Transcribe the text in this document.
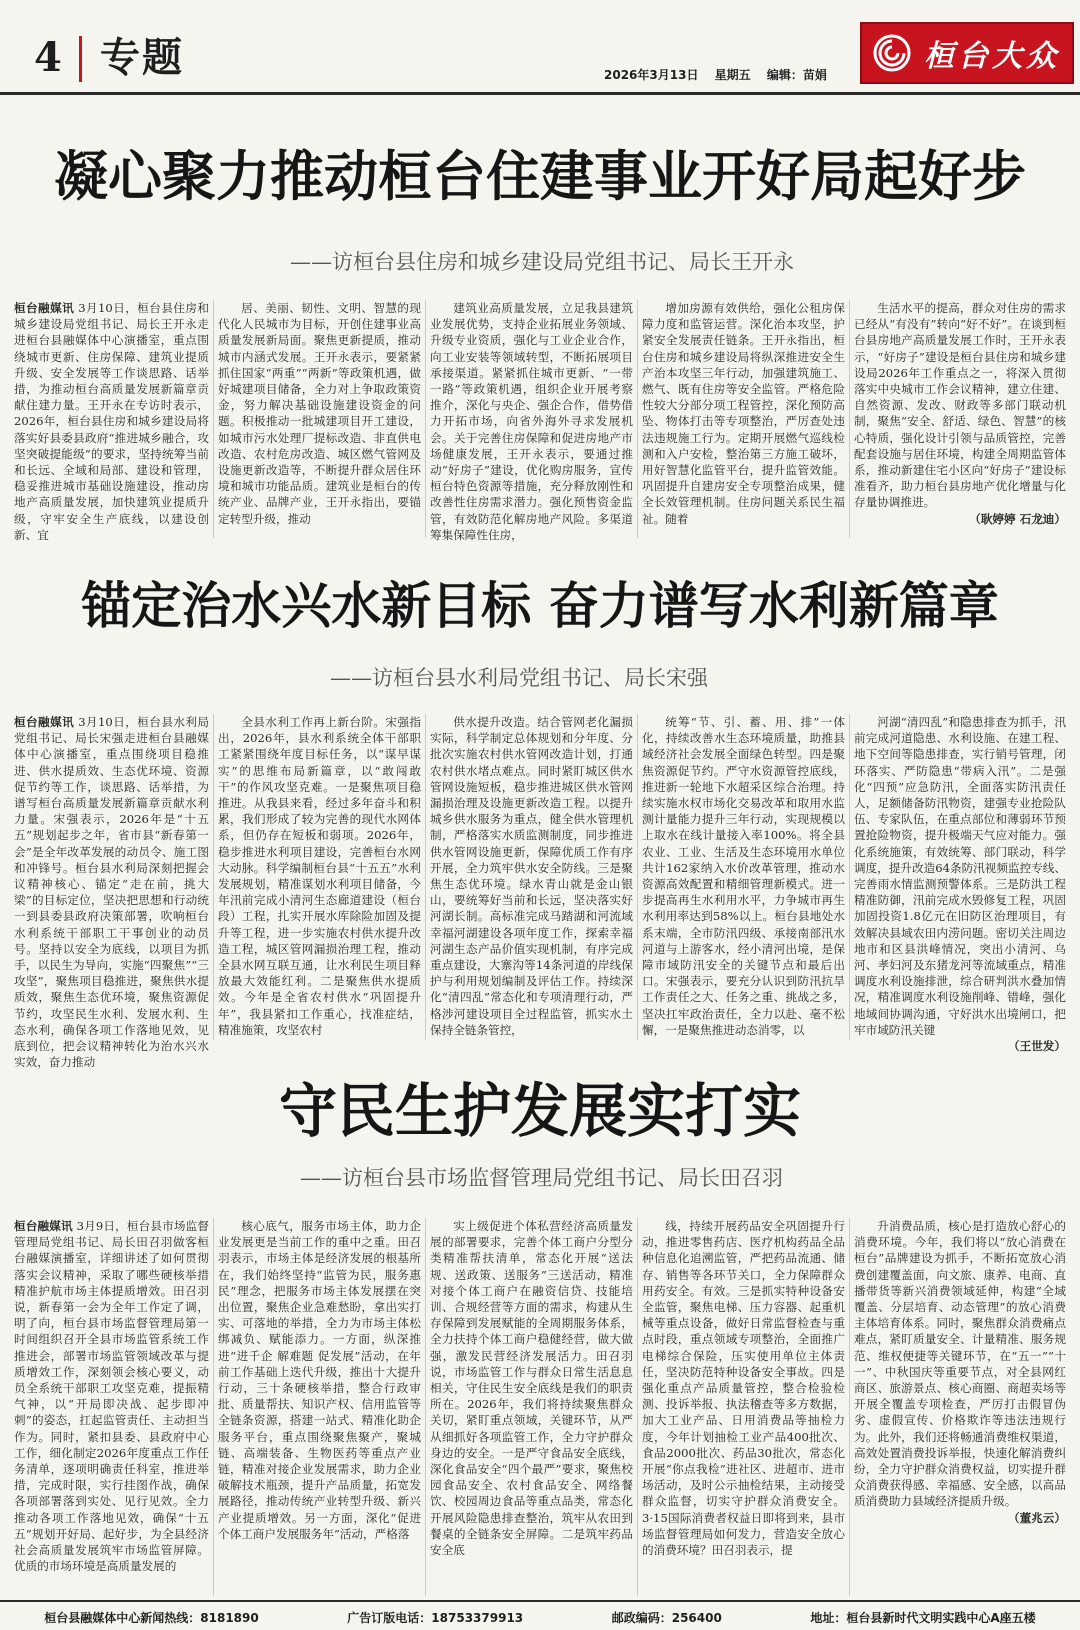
4 专题	2026年3月13日 星期五 编辑：苗娟
桓台大众
凝心聚力推动桓台住建事业开好局起好步
——访桓台县住房和城乡建设局党组书记、局长王开永

桓台融媒讯 3月10日，桓台县住房和城乡建设局党组书记、局长王开永走进桓台县融媒体中心演播室，重点围绕城市更新、住房保障、建筑业提质升级、安全发展等工作谈思路、话举措，为推动桓台高质量发展新篇章贡献住建力量。王开永在专访时表示，2026年，桓台县住房和城乡建设局将落实好县委县政府“推进城乡融合，攻坚突破提能级”的要求，坚持统筹当前和长远、全域和局部、建设和管理，稳妥推进城市基础设施建设，推动房地产高质量发展，加快建筑业提质升级，守牢安全生产底线，以建设创新、宜

居、美丽、韧性、文明、智慧的现代化人民城市为目标，开创住建事业高质量发展新局面。聚焦更新提质，推动城市内涵式发展。王开永表示，要紧紧抓住国家“两重”“两新”等政策机遇，做好城建项目储备，全力对上争取政策资金，努力解决基础设施建设资金的问题。积极推动一批城建项目开工建设，如城市污水处理厂提标改造、非直供电改造、农村危房改造、城区燃气管网及设施更新改造等，不断提升群众居住环境和城市功能品质。建筑业是桓台的传统产业、品牌产业，王开永指出，要锚定转型升级，推动

建筑业高质量发展，立足我县建筑业发展优势，支持企业拓展业务领域、升级专业资质，强化与工业企业合作，向工业安装等领域转型，不断拓展项目承接渠道。紧紧抓住城市更新、“一带一路”等政策机遇，组织企业开展考察推介，深化与央企、强企合作，借势借力开拓市场，向省外海外寻求发展机会。关于完善住房保障和促进房地产市场健康发展，王开永表示，要通过推动“好房子”建设，优化购房服务，宣传桓台特色资源等措施，充分释放刚性和改善性住房需求潜力。强化预售资金监管，有效防范化解房地产风险。多渠道筹集保障性住房，

增加房源有效供给，强化公租房保障力度和监管运营。深化治本攻坚，护紧安全发展责任链条。王开永指出，桓台住房和城乡建设局将纵深推进安全生产治本攻坚三年行动，加强建筑施工、燃气、既有住房等安全监管。严格危险性较大分部分项工程管控，深化预防高坠、物体打击等专项整治，严厉查处违法违规施工行为。定期开展燃气巡线检测和入户安检，整治第三方施工破坏，用好智慧化监管平台，提升监管效能。巩固提升自建房安全专项整治成果，健全长效管理机制。住房问题关系民生福祉。随着

生活水平的提高，群众对住房的需求已经从“有没有”转向“好不好”。在谈到桓台县房地产高质量发展工作时，王开永表示，“好房子”建设是桓台县住房和城乡建设局2026年工作重点之一，将深入贯彻落实中央城市工作会议精神，建立住建、自然资源、发改、财政等多部门联动机制，聚焦“安全、舒适、绿色、智慧”的核心特质，强化设计引领与品质管控，完善配套设施与居住环境，构建全周期监管体系，推动新建住宅小区向“好房子”建设标准看齐，助力桓台县房地产优化增量与化存量协调推进。

（耿婷婷 石龙迪）
锚定治水兴水新目标 奋力谱写水利新篇章
——访桓台县水利局党组书记、局长宋强

桓台融媒讯 3月10日，桓台县水利局党组书记、局长宋强走进桓台县融媒体中心演播室，重点围绕项目稳推进、供水提质效、生态优环境、资源促节约等工作，谈思路、话举措，为谱写桓台高质量发展新篇章贡献水利力量。宋强表示，2026年是“十五五”规划起步之年，省市县“新春第一会”是全年改革发展的动员令、施工图和冲锋号。桓台县水利局深刻把握会议精神核心、锚定“走在前，挑大梁”的目标定位，坚决把思想和行动统一到县委县政府决策部署，吹响桓台水利系统干部职工干事创业的动员号。坚持以安全为底线，以项目为抓手，以民生为导向，实施“四聚焦”“三攻坚”，聚焦项目稳推进，聚焦供水提质效，聚焦生态优环境，聚焦资源促节约，攻坚民生水利、发展水利、生态水利，确保各项工作落地见效，见底到位，把会议精神转化为治水兴水实效，奋力推动

全县水利工作再上新台阶。宋强指出，2026年，县水利系统全体干部职工紧紧围绕年度目标任务，以“谋早谋实”的思维布局新篇章，以“敢闯敢干”的作风攻坚克难。一是聚焦项目稳推进。从我县来看，经过多年奋斗和积累，我们形成了较为完善的现代水网体系，但仍存在短板和弱项。2026年，稳步推进水利项目建设，完善桓台水网大动脉。科学编制桓台县“十五五”水利发展规划，精准谋划水利项目储备，今年汛前完成小清河生态廊道建设（桓台段）工程，扎实开展水库除险加固及提升等工程，进一步实施农村供水提升改造工程，城区管网漏损治理工程，推动全县水网互联互通，让水利民生项目释放最大效能红利。二是聚焦供水提质效。今年是全省农村供水“巩固提升年”，我县紧扣工作重心，找准症结，精准施策，攻坚农村

供水提升改造。结合管网老化漏损实际，科学制定总体规划和分年度、分批次实施农村供水管网改造计划，打通农村供水堵点难点。同时紧盯城区供水管网设施短板，稳步推进城区供水管网漏损治理及设施更新改造工程。以提升城乡供水服务为重点，健全供水管理机制，严格落实水质监测制度，同步推进供水管网设施更新，保障优质工作有序开展，全力筑牢供水安全防线。三是聚焦生态优环境。绿水青山就是金山银山，要统筹好当前和长远，坚决落实好河湖长制。高标准完成马踏湖和河流域幸福河湖建设各项年度工作，探索幸福河湖生态产品价值实现机制，有序完成重点建设，大寨沟等14条河道的岸线保护与利用规划编制及评估工作。持续深化“清四乱”常态化和专项清理行动，严格涉河建设项目全过程监管，抓实水土保持全链条管控，

统筹“节、引、蓄、用、排”一体化，持续改善水生态环境质量，助推县域经济社会发展全面绿色转型。四是聚焦资源促节约。严守水资源管控底线，推进新一轮地下水超采区综合治理。持续实施水权市场化交易改革和取用水监测计量能力提升三年行动，实现规模以上取水在线计量接入率100%。将全县农业、工业、生活及生态环境用水单位共计162家纳入水价改革管理，推动水资源高效配置和精细管理新模式。进一步提高再生水利用水平，力争城市再生水利用率达到58%以上。桓台县地处水系末端，全市防汛四级、承接南部汛水河道与上游客水，经小清河出境，是保障市域防汛安全的关键节点和最后出口。宋强表示，要充分认识到防汛抗旱工作责任之大、任务之重、挑战之多，坚决扛牢政治责任，全力以赴、毫不松懈，一是聚焦推进动态消零，以

河湖“清四乱”和隐患排查为抓手，汛前完成河道隐患、水利设施、在建工程、地下空间等隐患排查，实行销号管理，闭环落实、严防隐患“带病入汛”。二是强化“四预”应急防汛，全面落实防汛责任人，足额储备防汛物资，建强专业抢险队伍、专家队伍，在重点部位和薄弱环节预置抢险物资，提升极端天气应对能力。强化系统施策，有效统筹、部门联动，科学调度，提升改造64条防汛视频监控专线、完善雨水情监测预警体系。三是防洪工程精准防御，汛前完成水毁修复工程，巩固加固投资1.8亿元在旧防区治理项目，有效解决县域农田内涝问题。密切关注周边地市和区县洪峰情况，突出小清河、乌河、孝妇河及东猪龙河等流域重点，精准调度水利设施排泄，综合研判洪水叠加情况，精准调度水利设施削峰、错峰，强化地域间协调沟通，守好洪水出境闸口，把牢市域防汛关键

（王世发）
守民生护发展实打实
——访桓台县市场监督管理局党组书记、局长田召羽

桓台融媒讯 3月9日，桓台县市场监督管理局党组书记、局长田召羽做客桓台融媒演播室，详细讲述了如何贯彻落实会议精神，采取了哪些硬核举措精准护航市场主体提质增效。田召羽说，新春第一会为全年工作定了调，明了向，桓台县市场监督管理局第一时间组织召开全县市场监管系统工作推进会，部署市场监管领域改革与提质增效工作，深刻领会核心要义，动员全系统干部职工攻坚克难，提振精气神，以“开局即决战、起步即冲刺”的姿态，扛起监管责任、主动担当作为。同时，紧扣县委、县政府中心工作，细化制定2026年度重点工作任务清单，逐项明确责任科室，推进举措，完成时限，实行挂图作战，确保各项部署落到实处、见行见效。全力推动各项工作落地见效，确保“十五五”规划开好局、起好步，为全县经济社会高质量发展筑牢市场监管屏障。优质的市场环境是高质量发展的

核心底气，服务市场主体，助力企业发展更是当前工作的重中之重。田召羽表示，市场主体是经济发展的根基所在，我们始终坚持“监管为民，服务惠民”理念，把服务市场主体发展摆在突出位置，聚焦企业急难愁盼，拿出实打实、可落地的举措，全力为市场主体松绑减负、赋能添力。一方面，纵深推进“进千企 解难题 促发展”活动，在年前工作基础上迭代升级，推出十大提升行动，三十条硬核举措，整合行政审批、质量帮扶、知识产权、信用监管等全链条资源，搭建一站式、精准化助企服务平台，重点围绕聚焦聚产，聚城链、高端装备、生物医药等重点产业链，精准对接企业发展需求，助力企业破解技术瓶颈，提升产品质量，拓宽发展路径，推动传统产业转型升级、新兴产业提质增效。另一方面，深化“促进个体工商户发展服务年”活动，严格落

实上级促进个体私营经济高质量发展的部署要求，完善个体工商户分型分类精准帮扶清单，常态化开展“送法规、送政策、送服务”三送活动，精准对接个体工商户在融资信贷、技能培训、合规经营等方面的需求，构建从生存保障到发展赋能的全周期服务体系，全力扶持个体工商户稳健经营，做大做强，激发民营经济发展活力。田召羽说，市场监管工作与群众日常生活息息相关，守住民生安全底线是我们的职责所在。2026年，我们将持续聚焦群众关切，紧盯重点领域，关键环节，从严从细抓好各项监管工作，全力守护群众身边的安全。一是严守食品安全底线，深化食品安全“四个最严”要求，聚焦校园食品安全、农村食品安全、网络餐饮、校园周边食品等重点品类，常态化开展风险隐患排查整治，筑牢从农田到餐桌的全链条安全屏障。二是筑牢药品安全底

线，持续开展药品安全巩固提升行动，推进零售药店、医疗机构药品全品种信息化追溯监管，严把药品流通、储存、销售等各环节关口，全力保障群众用药安全。有效。三是抓实特种设备安全监管，聚焦电梯、压力容器、起重机械等重点设备，做好日常监督检查与重点时段，重点领域专项整治，全面推广电梯综合保险，压实使用单位主体责任，坚决防范特种设备安全事故。四是强化重点产品质量管控，整合检验检测、投诉举报、执法稽查等多方数据，加大工业产品、日用消费品等抽检力度，今年计划抽检工业产品400批次、食品2000批次、药品30批次，常态化开展“你点我检”进社区、进超市、进市场活动，及时公示抽检结果，主动接受群众监督，切实守护群众消费安全。3·15国际消费者权益日即将到来，县市场监督管理局如何发力，营造安全放心的消费环境？田召羽表示，提

升消费品质，核心是打造放心舒心的消费环境。今年，我们将以“放心消费在桓台”品牌建设为抓手，不断拓宽放心消费创建覆盖面，向文旅、康养、电商、直播带货等新兴消费领域延伸，构建“全域覆盖、分层培育、动态管理”的放心消费主体培育体系。同时，聚焦群众消费痛点难点，紧盯质量安全、计量精准、服务规范、维权便捷等关键环节，在“五一”“十一”、中秋国庆等重要节点，对全县网红商区、旅游景点、核心商圈、商超卖场等开展全覆盖专项检查，严厉打击假冒伪劣、虚假宣传、价格欺诈等违法违规行为。此外，我们还将畅通消费维权渠道，高效处置消费投诉举报，快速化解消费纠纷，全力守护群众消费权益，切实提升群众消费获得感、幸福感、安全感，以高品质消费助力县域经济提质升级。

（董兆云）
桓台县融媒体中心新闻热线：8181890	广告订版电话：18753379913	邮政编码：256400	地址：桓台县新时代文明实践中心A座五楼
